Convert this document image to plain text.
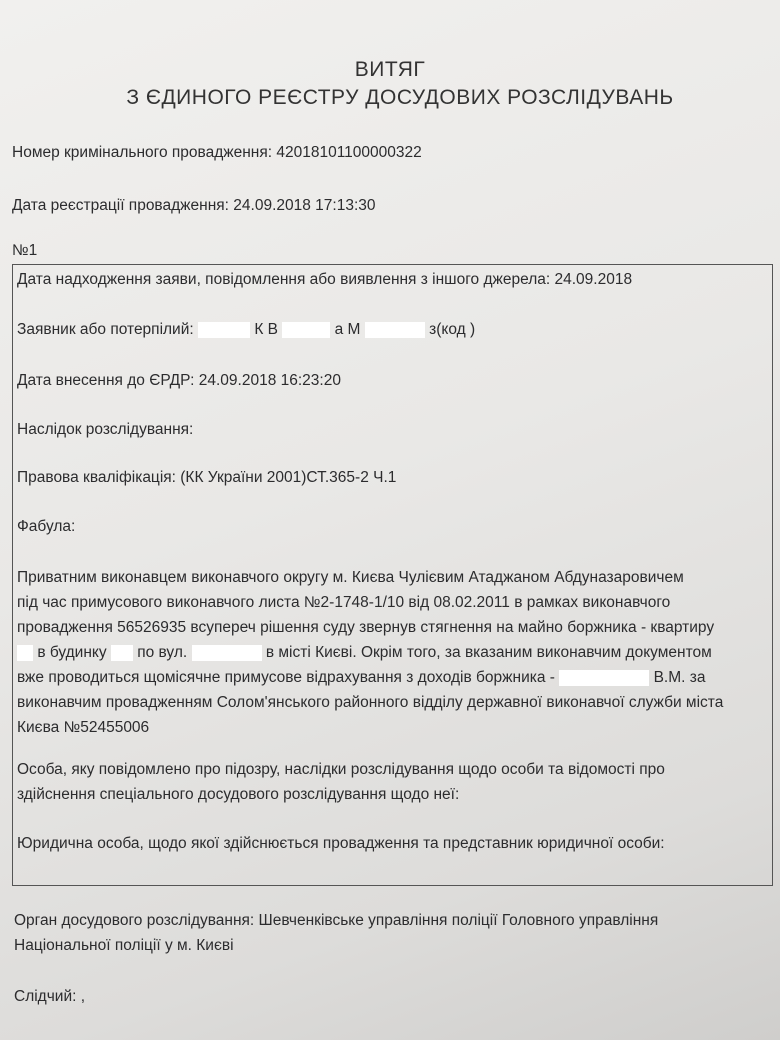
ВИТЯГ
З ЄДИНОГО РЕЄСТРУ ДОСУДОВИХ РОЗСЛІДУВАНЬ
Номер кримінального провадження: 42018101100000322
Дата реєстрації провадження: 24.09.2018 17:13:30
№1
Дата надходження заяви, повідомлення або виявлення з іншого джерела: 24.09.2018
Заявник або потерпілий:	К В	а М	з(код )
Дата внесення до ЄРДР: 24.09.2018 16:23:20
Наслідок розслідування:
Правова кваліфікація: (КК України 2001)СТ.365-2 Ч.1
Фабула:
Приватним виконавцем виконавчого округу м. Києва Чулієвим Атаджаном Абдуназаровичем
під час примусового виконавчого листа №2-1748-1/10 від 08.02.2011 в рамках виконавчого
провадження 56526935 всупереч рішення суду звернув стягнення на майно боржника - квартиру
в будинку по вул.	в місті Києві. Окрім того, за вказаним виконавчим документом
вже проводиться щомісячне примусове відрахування з доходів боржника -	В.М. за
виконавчим провадженням Солом'янського районного відділу державної виконавчої служби міста
Києва №52455006
Особа, яку повідомлено про підозру, наслідки розслідування щодо особи та відомості про
здійснення спеціального досудового розслідування щодо неї:
Юридична особа, щодо якої здійснюється провадження та представник юридичної особи:
Орган досудового розслідування: Шевченківське управління поліції Головного управління
Національної поліції у м. Києві
Слідчий: ,
